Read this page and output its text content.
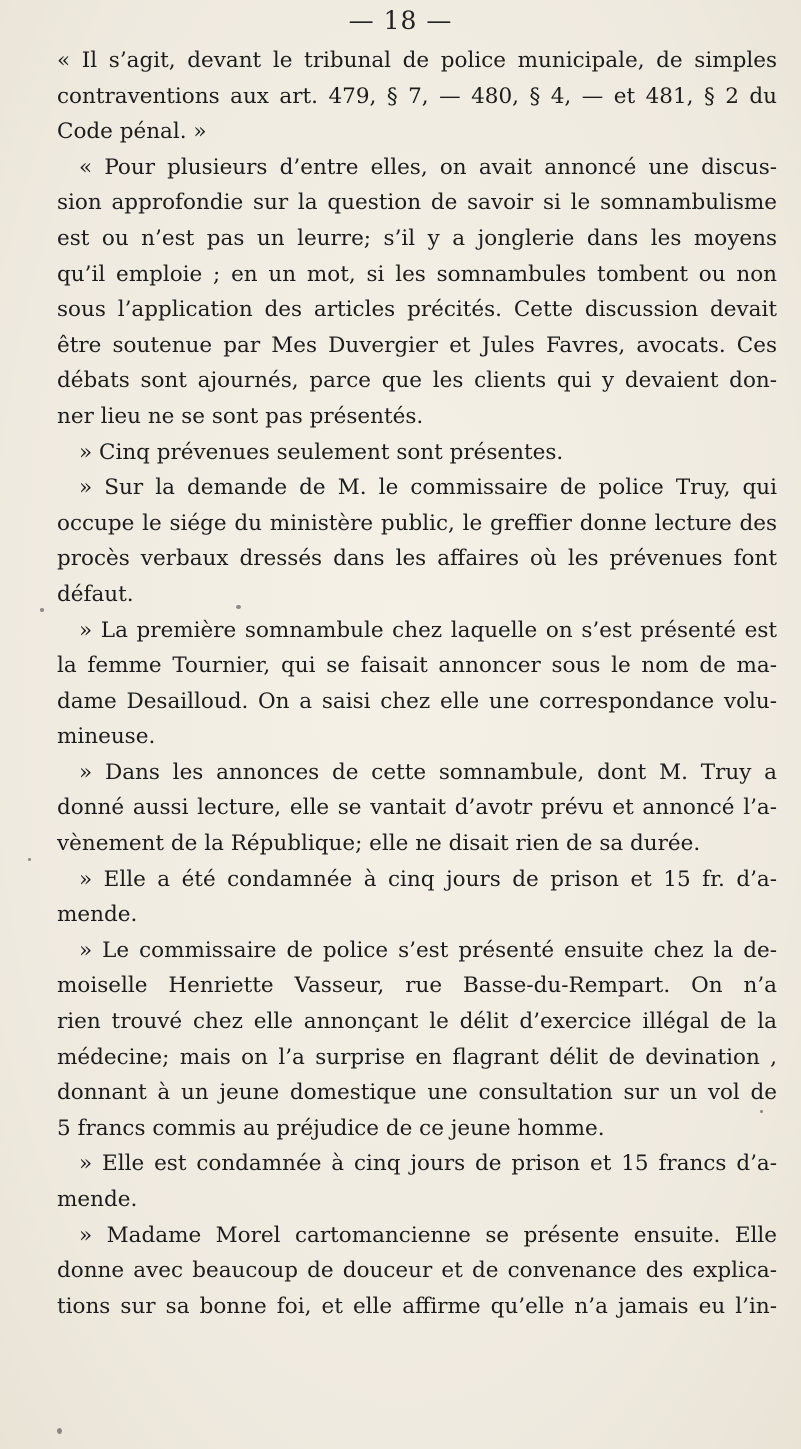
— 18 —
« Il s’agit, devant le tribunal de police municipale, de simples
contraventions aux art. 479, § 7, — 480, § 4, — et 481, § 2 du
Code pénal. »
« Pour plusieurs d’entre elles, on avait annoncé une discus-
sion approfondie sur la question de savoir si le somnambulisme
est ou n’est pas un leurre; s’il y a jonglerie dans les moyens
qu’il emploie ; en un mot, si les somnambules tombent ou non
sous l’application des articles précités. Cette discussion devait
être soutenue par Mes Duvergier et Jules Favres, avocats. Ces
débats sont ajournés, parce que les clients qui y devaient don-
ner lieu ne se sont pas présentés.
» Cinq prévenues seulement sont présentes.
» Sur la demande de M. le commissaire de police Truy, qui
occupe le siége du ministère public, le greffier donne lecture des
procès verbaux dressés dans les affaires où les prévenues font
défaut.
» La première somnambule chez laquelle on s’est présenté est
la femme Tournier, qui se faisait annoncer sous le nom de ma-
dame Desailloud. On a saisi chez elle une correspondance volu-
mineuse.
» Dans les annonces de cette somnambule, dont M. Truy a
donné aussi lecture, elle se vantait d’avotr prévu et annoncé l’a-
vènement de la République; elle ne disait rien de sa durée.
» Elle a été condamnée à cinq jours de prison et 15 fr. d’a-
mende.
» Le commissaire de police s’est présenté ensuite chez la de-
moiselle Henriette Vasseur, rue Basse-du-Rempart. On n’a
rien trouvé chez elle annonçant le délit d’exercice illégal de la
médecine; mais on l’a surprise en flagrant délit de devination ,
donnant à un jeune domestique une consultation sur un vol de
5 francs commis au préjudice de ce jeune homme.
» Elle est condamnée à cinq jours de prison et 15 francs d’a-
mende.
» Madame Morel cartomancienne se présente ensuite. Elle
donne avec beaucoup de douceur et de convenance des explica-
tions sur sa bonne foi, et elle affirme qu’elle n’a jamais eu l’in-
